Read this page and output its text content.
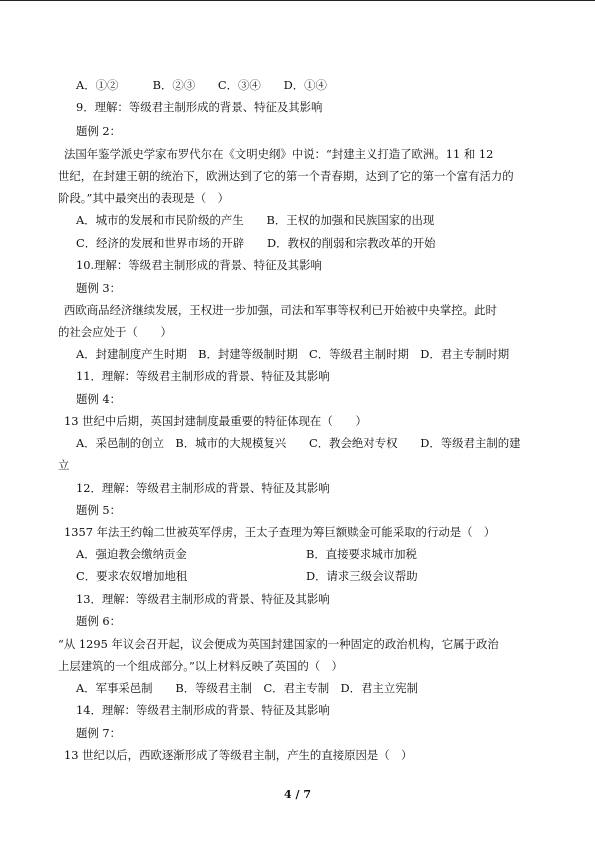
A．①②　　　B．②③　　C．③④　　D．①④
9．理解：等级君主制形成的背景、特征及其影响
题例 2：
法国年鉴学派史学家布罗代尔在《文明史纲》中说：“封建主义打造了欧洲。11 和 12
世纪，在封建王朝的统治下，欧洲达到了它的第一个青春期，达到了它的第一个富有活力的
阶段。”其中最突出的表现是（　）
A．城市的发展和市民阶级的产生　　B．王权的加强和民族国家的出现
C．经济的发展和世界市场的开辟　　D．教权的削弱和宗教改革的开始
10.理解：等级君主制形成的背景、特征及其影响
题例 3：
西欧商品经济继续发展，王权进一步加强，司法和军事等权利已开始被中央掌控。此时
的社会应处于（　　）
A．封建制度产生时期　B．封建等级制时期　C．等级君主制时期　D．君主专制时期
11．理解：等级君主制形成的背景、特征及其影响
题例 4：
13 世纪中后期，英国封建制度最重要的特征体现在（　　）
A．采邑制的创立　B．城市的大规模复兴　　C．教会绝对专权　　D．等级君主制的建
立
12．理解：等级君主制形成的背景、特征及其影响
题例 5：
1357 年法王约翰二世被英军俘虏，王太子查理为筹巨额赎金可能采取的行动是（　）
A．强迫教会缴纳贡金	B．直接要求城市加税
C．要求农奴增加地租	D．请求三级会议帮助
13．理解：等级君主制形成的背景、特征及其影响
题例 6：
“从 1295 年议会召开起，议会便成为英国封建国家的一种固定的政治机构，它属于政治
上层建筑的一个组成部分。”以上材料反映了英国的（　）
A．军事采邑制　　B．等级君主制　C．君主专制　D．君主立宪制
14．理解：等级君主制形成的背景、特征及其影响
题例 7：
13 世纪以后，西欧逐渐形成了等级君主制，产生的直接原因是（　）
4 / 7
